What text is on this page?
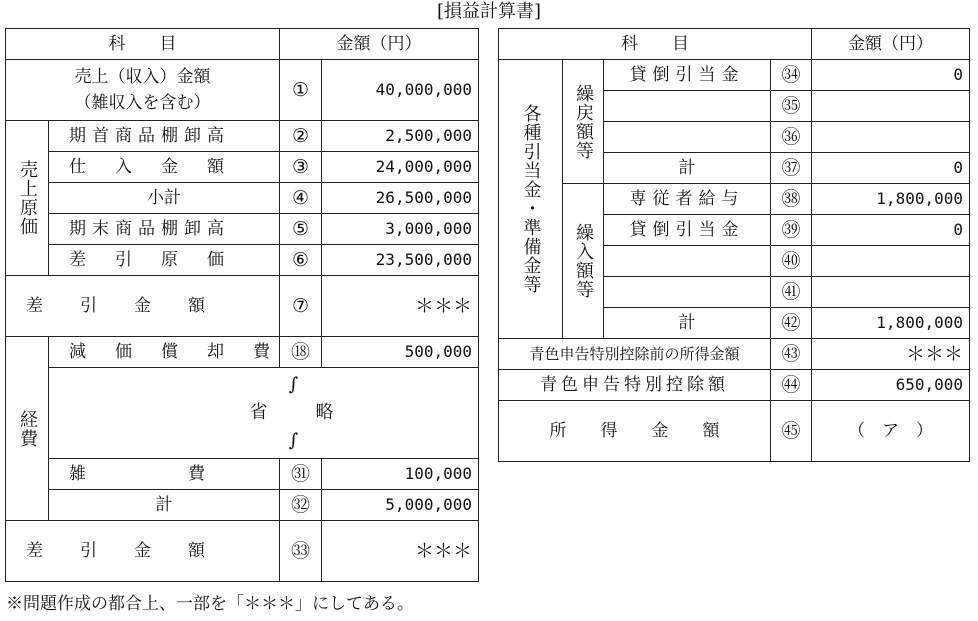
[損益計算書]
科　　目		金額（円）	

売上（収入）金額
（雑収入を含む）		①	40,000,000
売上原価	期首商品棚卸高	②	2,500,000
	仕　入　金　額	③	24,000,000
	小計	④	26,500,000
	期末商品棚卸高	⑤	3,000,000
	差　引　原　価	⑥	23,500,000
差　引　金　額		⑦	＊＊＊
経費	減　価　償　却　費	⑱	500,000

	∫
省　　略
∫		

	雑　　　　　　費	㉛	100,000
	計	㉜	5,000,000
差　引　金　額		㉝	＊＊＊
科　　目				金額（円）
各種引当金・準備金等	繰戻額等	貸倒引当金	㉞	0
			㉟	
			㊱	
		計	㊲	0
	繰入額等	専従者給与	㊳	1,800,000
		貸倒引当金	㊴	0
			㊵	
			㊶	
		計	㊷	1,800,000
青色申告特別控除前の所得金額			㊸	＊＊＊
青色申告特別控除額			㊹	650,000
所　　得　　金　　額			㊺	（　ア　）
※問題作成の都合上、一部を「＊＊＊」にしてある。
